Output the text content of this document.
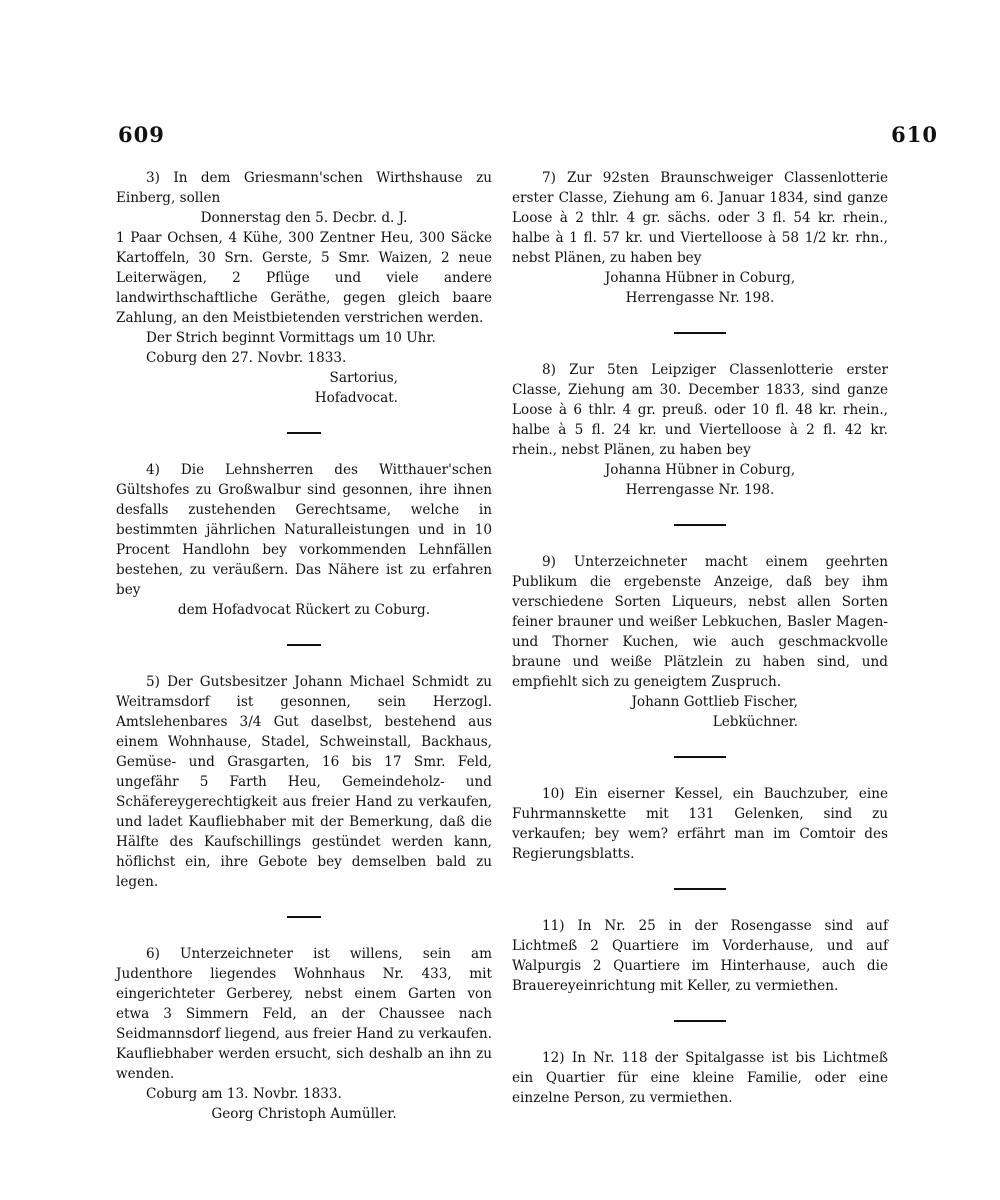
609	610

3) In dem Griesmann'schen Wirthshause zu Einberg, sollen

Donnerstag den 5. Decbr. d. J.

1 Paar Ochsen, 4 Kühe, 300 Zentner Heu, 300 Säcke Kartoffeln, 30 Srn. Gerste, 5 Smr. Waizen, 2 neue Leiterwägen, 2 Pflüge und viele andere landwirthschaftliche Geräthe, gegen gleich baare Zahlung, an den Meistbietenden verstrichen werden.

Der Strich beginnt Vormittags um 10 Uhr.

Coburg den 27. Novbr. 1833.

Sartorius,

Hofadvocat.

4) Die Lehnsherren des Witthauer'schen Gültshofes zu Großwalbur sind gesonnen, ihre ihnen desfalls zustehenden Gerechtsame, welche in bestimmten jährlichen Naturalleistungen und in 10 Procent Handlohn bey vorkommenden Lehnfällen bestehen, zu veräußern. Das Nähere ist zu erfahren bey

dem Hofadvocat Rückert zu Coburg.

5) Der Gutsbesitzer Johann Michael Schmidt zu Weitramsdorf ist gesonnen, sein Herzogl. Amtslehenbares 3/4 Gut daselbst, bestehend aus einem Wohnhause, Stadel, Schweinstall, Backhaus, Gemüse- und Grasgarten, 16 bis 17 Smr. Feld, ungefähr 5 Farth Heu, Gemeindeholz- und Schäfereygerechtigkeit aus freier Hand zu verkaufen, und ladet Kaufliebhaber mit der Bemerkung, daß die Hälfte des Kaufschillings gestündet werden kann, höflichst ein, ihre Gebote bey demselben bald zu legen.

6) Unterzeichneter ist willens, sein am Judenthore liegendes Wohnhaus Nr. 433, mit eingerichteter Gerberey, nebst einem Garten von etwa 3 Simmern Feld, an der Chaussee nach Seidmannsdorf liegend, aus freier Hand zu verkaufen. Kaufliebhaber werden ersucht, sich deshalb an ihn zu wenden.

Coburg am 13. Novbr. 1833.

Georg Christoph Aumüller.

7) Zur 92sten Braunschweiger Classenlotterie erster Classe, Ziehung am 6. Januar 1834, sind ganze Loose à 2 thlr. 4 gr. sächs. oder 3 fl. 54 kr. rhein., halbe à 1 fl. 57 kr. und Viertelloose à 58 1/2 kr. rhn., nebst Plänen, zu haben bey

Johanna Hübner in Coburg,

Herrengasse Nr. 198.

8) Zur 5ten Leipziger Classenlotterie erster Classe, Ziehung am 30. December 1833, sind ganze Loose à 6 thlr. 4 gr. preuß. oder 10 fl. 48 kr. rhein., halbe à 5 fl. 24 kr. und Viertelloose à 2 fl. 42 kr. rhein., nebst Plänen, zu haben bey

Johanna Hübner in Coburg,

Herrengasse Nr. 198.

9) Unterzeichneter macht einem geehrten Publikum die ergebenste Anzeige, daß bey ihm verschiedene Sorten Liqueurs, nebst allen Sorten feiner brauner und weißer Lebkuchen, Basler Magen- und Thorner Kuchen, wie auch geschmackvolle braune und weiße Plätzlein zu haben sind, und empfiehlt sich zu geneigtem Zuspruch.

Johann Gottlieb Fischer,

Lebküchner.

10) Ein eiserner Kessel, ein Bauchzuber, eine Fuhrmannskette mit 131 Gelenken, sind zu verkaufen; bey wem? erfährt man im Comtoir des Regierungsblatts.

11) In Nr. 25 in der Rosengasse sind auf Lichtmeß 2 Quartiere im Vorderhause, und auf Walpurgis 2 Quartiere im Hinterhause, auch die Brauereyeinrichtung mit Keller, zu vermiethen.

12) In Nr. 118 der Spitalgasse ist bis Lichtmeß ein Quartier für eine kleine Familie, oder eine einzelne Person, zu vermiethen.
